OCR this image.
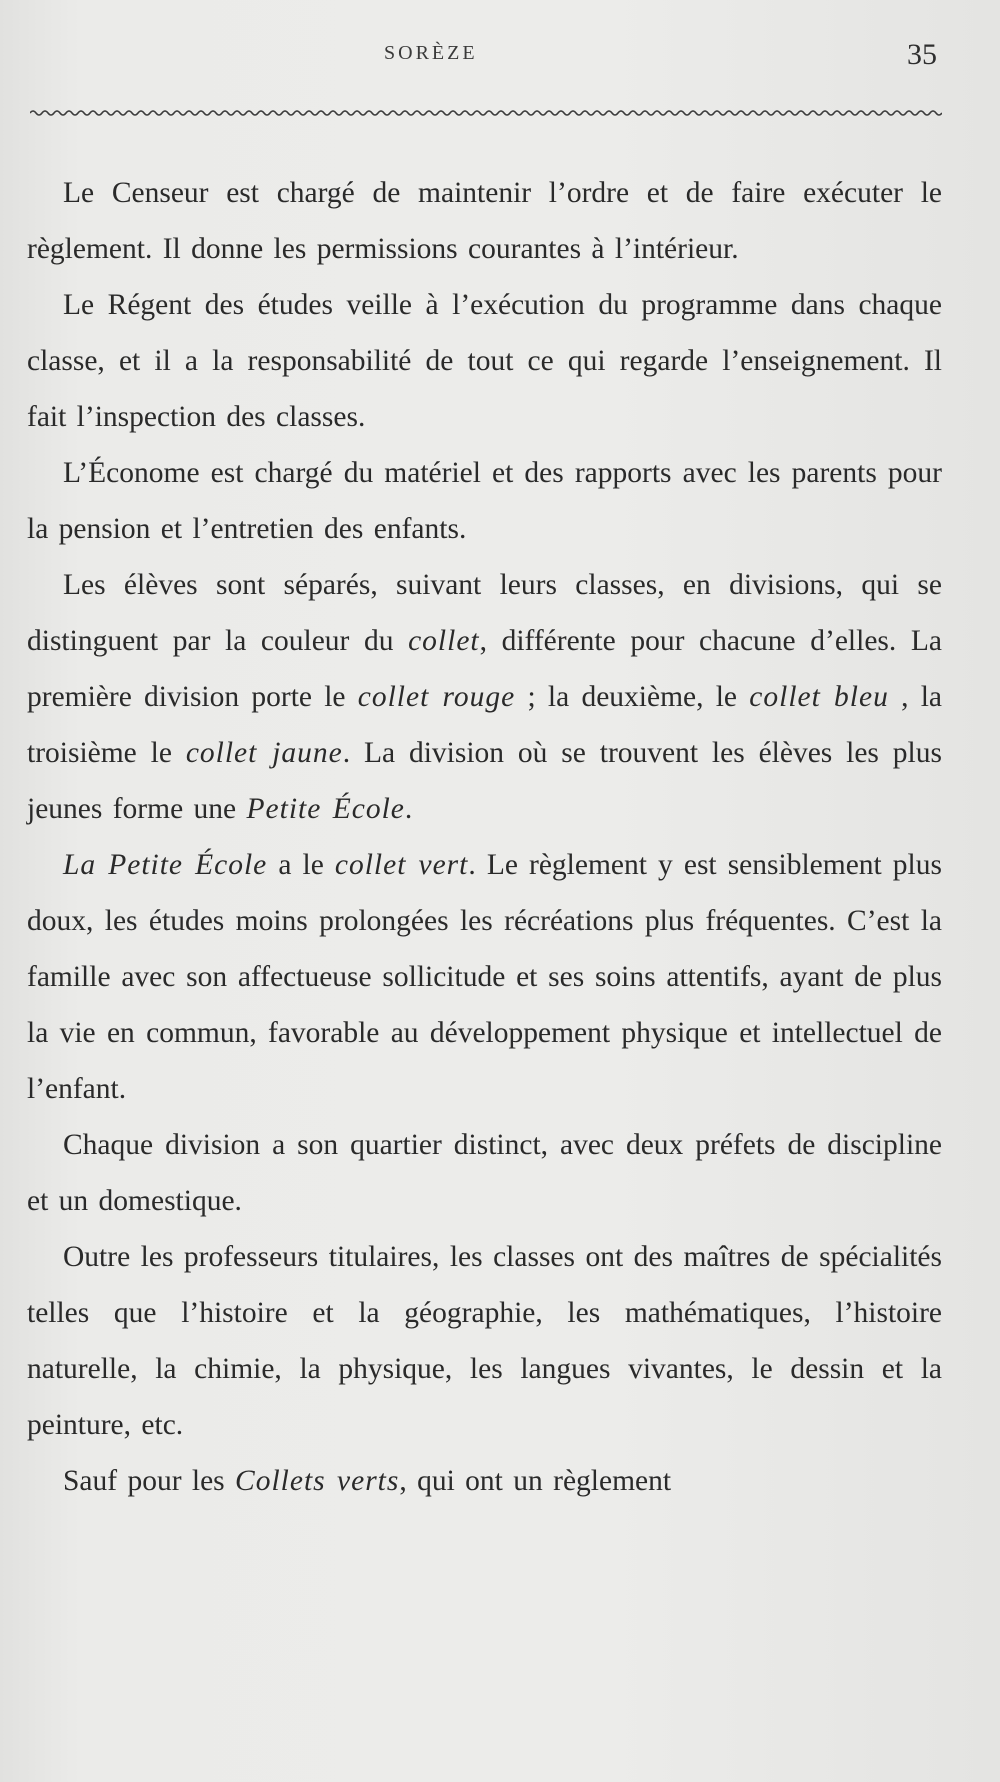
SORÈZE	35

Le Censeur est chargé de maintenir l’ordre et de faire exécuter le règlement. Il donne les permissions courantes à l’intérieur.

Le Régent des études veille à l’exécution du programme dans chaque classe, et il a la responsabilité de tout ce qui regarde l’enseignement. Il fait l’inspection des classes.

L’Économe est chargé du matériel et des rapports avec les parents pour la pension et l’entretien des enfants.

Les élèves sont séparés, suivant leurs classes, en divisions, qui se distinguent par la couleur du collet, différente pour chacune d’elles. La première division porte le collet rouge ; la deuxième, le collet bleu , la troisième le collet jaune. La division où se trouvent les élèves les plus jeunes forme une Petite École.

La Petite École a le collet vert. Le règlement y est sensiblement plus doux, les études moins prolongées les récréations plus fréquentes. C’est la famille avec son affectueuse sollicitude et ses soins attentifs, ayant de plus la vie en commun, favorable au développement physique et intellectuel de l’enfant.

Chaque division a son quartier distinct, avec deux préfets de discipline et un domestique.

Outre les professeurs titulaires, les classes ont des maîtres de spécialités telles que l’histoire et la géographie, les mathématiques, l’histoire naturelle, la chimie, la physique, les langues vivantes, le dessin et la peinture, etc.

Sauf pour les Collets verts, qui ont un règlement
